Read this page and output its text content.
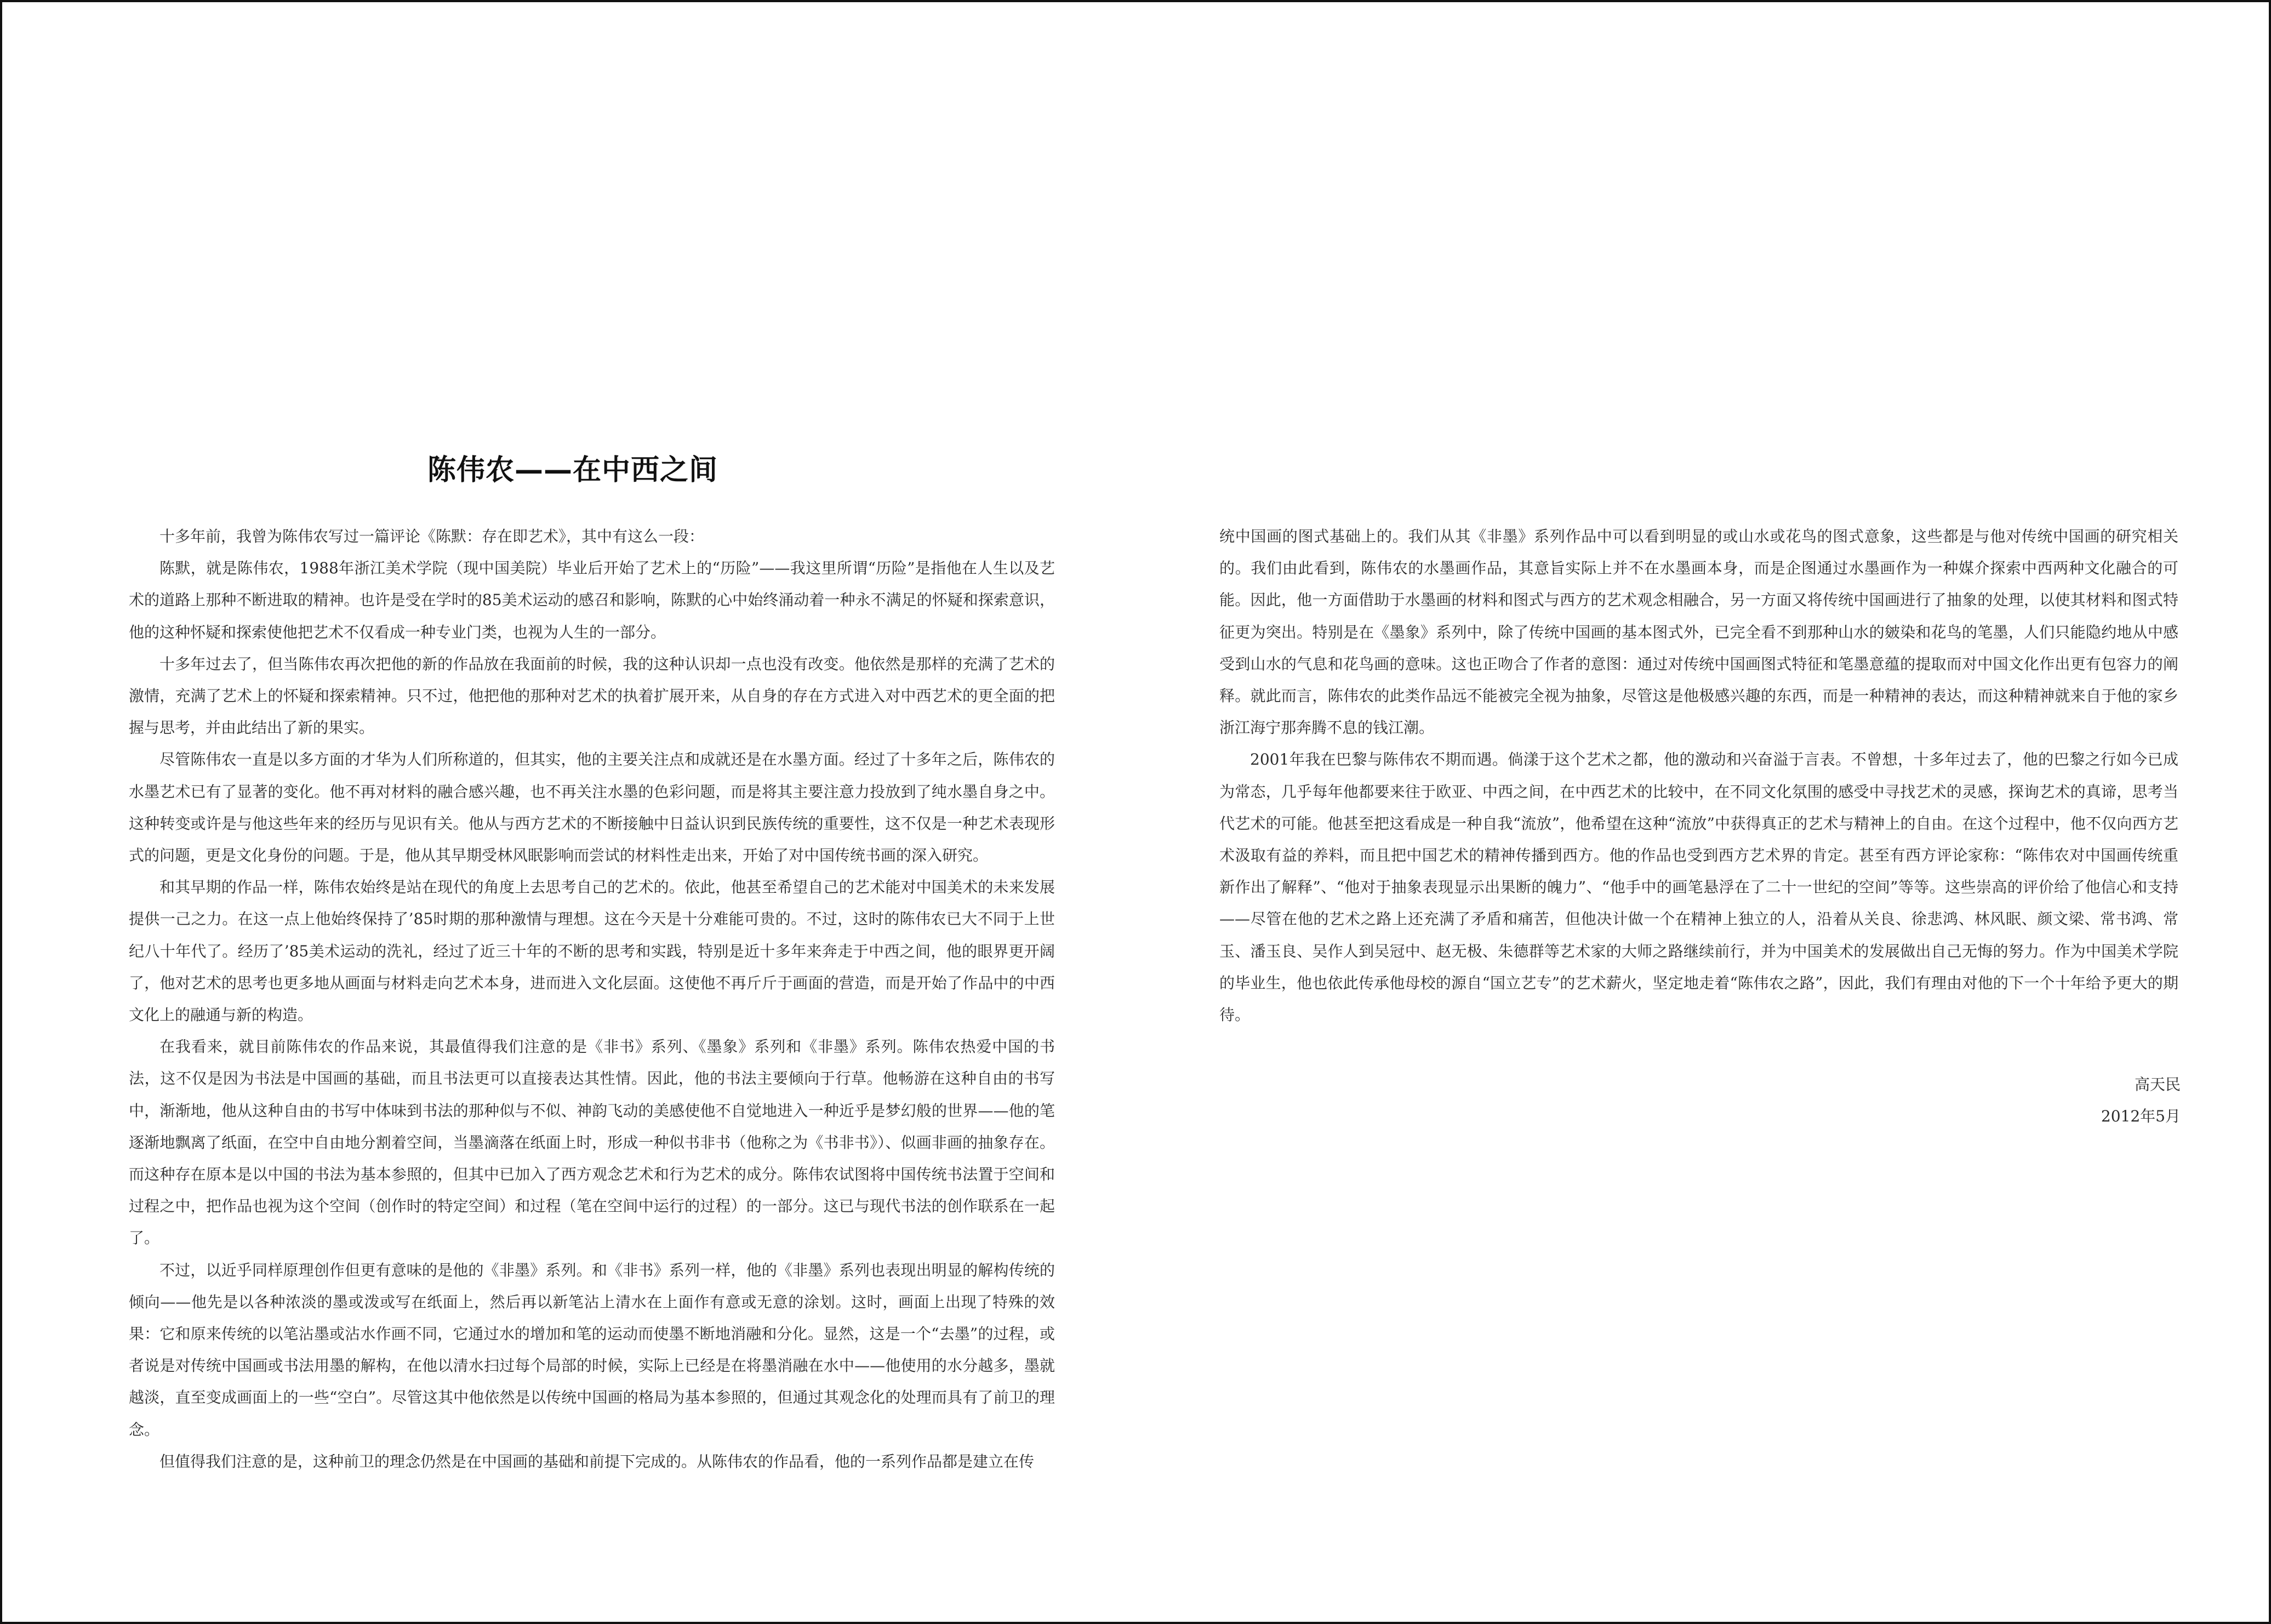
陈伟农——在中西之间

十多年前，我曾为陈伟农写过一篇评论《陈默：存在即艺术》，其中有这么一段：

陈默，就是陈伟农，1988年浙江美术学院（现中国美院）毕业后开始了艺术上的“历险”——我这里所谓“历险”是指他在人生以及艺术的道路上那种不断进取的精神。也许是受在学时的85美术运动的感召和影响，陈默的心中始终涌动着一种永不满足的怀疑和探索意识，他的这种怀疑和探索使他把艺术不仅看成一种专业门类，也视为人生的一部分。

十多年过去了，但当陈伟农再次把他的新的作品放在我面前的时候，我的这种认识却一点也没有改变。他依然是那样的充满了艺术的激情，充满了艺术上的怀疑和探索精神。只不过，他把他的那种对艺术的执着扩展开来，从自身的存在方式进入对中西艺术的更全面的把握与思考，并由此结出了新的果实。

尽管陈伟农一直是以多方面的才华为人们所称道的，但其实，他的主要关注点和成就还是在水墨方面。经过了十多年之后，陈伟农的水墨艺术已有了显著的变化。他不再对材料的融合感兴趣，也不再关注水墨的色彩问题，而是将其主要注意力投放到了纯水墨自身之中。这种转变或许是与他这些年来的经历与见识有关。他从与西方艺术的不断接触中日益认识到民族传统的重要性，这不仅是一种艺术表现形式的问题，更是文化身份的问题。于是，他从其早期受林风眠影响而尝试的材料性走出来，开始了对中国传统书画的深入研究。

和其早期的作品一样，陈伟农始终是站在现代的角度上去思考自己的艺术的。依此，他甚至希望自己的艺术能对中国美术的未来发展提供一己之力。在这一点上他始终保持了’85时期的那种激情与理想。这在今天是十分难能可贵的。不过，这时的陈伟农已大不同于上世纪八十年代了。经历了’85美术运动的洗礼，经过了近三十年的不断的思考和实践，特别是近十多年来奔走于中西之间，他的眼界更开阔了，他对艺术的思考也更多地从画面与材料走向艺术本身，进而进入文化层面。这使他不再斤斤于画面的营造，而是开始了作品中的中西文化上的融通与新的构造。

在我看来，就目前陈伟农的作品来说，其最值得我们注意的是《非书》系列、《墨象》系列和《非墨》系列。陈伟农热爱中国的书法，这不仅是因为书法是中国画的基础，而且书法更可以直接表达其性情。因此，他的书法主要倾向于行草。他畅游在这种自由的书写中，渐渐地，他从这种自由的书写中体味到书法的那种似与不似、神韵飞动的美感使他不自觉地进入一种近乎是梦幻般的世界——他的笔逐渐地飘离了纸面，在空中自由地分割着空间，当墨滴落在纸面上时，形成一种似书非书（他称之为《书非书》）、似画非画的抽象存在。而这种存在原本是以中国的书法为基本参照的，但其中已加入了西方观念艺术和行为艺术的成分。陈伟农试图将中国传统书法置于空间和过程之中，把作品也视为这个空间（创作时的特定空间）和过程（笔在空间中运行的过程）的一部分。这已与现代书法的创作联系在一起了。

不过，以近乎同样原理创作但更有意味的是他的《非墨》系列。和《非书》系列一样，他的《非墨》系列也表现出明显的解构传统的倾向——他先是以各种浓淡的墨或泼或写在纸面上，然后再以新笔沾上清水在上面作有意或无意的涂划。这时，画面上出现了特殊的效果：它和原来传统的以笔沾墨或沾水作画不同，它通过水的增加和笔的运动而使墨不断地消融和分化。显然，这是一个“去墨”的过程，或者说是对传统中国画或书法用墨的解构，在他以清水扫过每个局部的时候，实际上已经是在将墨消融在水中——他使用的水分越多，墨就越淡，直至变成画面上的一些“空白”。尽管这其中他依然是以传统中国画的格局为基本参照的，但通过其观念化的处理而具有了前卫的理念。

但值得我们注意的是，这种前卫的理念仍然是在中国画的基础和前提下完成的。从陈伟农的作品看，他的一系列作品都是建立在传

统中国画的图式基础上的。我们从其《非墨》系列作品中可以看到明显的或山水或花鸟的图式意象，这些都是与他对传统中国画的研究相关的。我们由此看到，陈伟农的水墨画作品，其意旨实际上并不在水墨画本身，而是企图通过水墨画作为一种媒介探索中西两种文化融合的可能。因此，他一方面借助于水墨画的材料和图式与西方的艺术观念相融合，另一方面又将传统中国画进行了抽象的处理，以使其材料和图式特征更为突出。特别是在《墨象》系列中，除了传统中国画的基本图式外，已完全看不到那种山水的皴染和花鸟的笔墨，人们只能隐约地从中感受到山水的气息和花鸟画的意味。这也正吻合了作者的意图：通过对传统中国画图式特征和笔墨意蕴的提取而对中国文化作出更有包容力的阐释。就此而言，陈伟农的此类作品远不能被完全视为抽象，尽管这是他极感兴趣的东西，而是一种精神的表达，而这种精神就来自于他的家乡浙江海宁那奔腾不息的钱江潮。

2001年我在巴黎与陈伟农不期而遇。倘漾于这个艺术之都，他的激动和兴奋溢于言表。不曾想，十多年过去了，他的巴黎之行如今已成为常态，几乎每年他都要来往于欧亚、中西之间，在中西艺术的比较中，在不同文化氛围的感受中寻找艺术的灵感，探询艺术的真谛，思考当代艺术的可能。他甚至把这看成是一种自我“流放”，他希望在这种“流放”中获得真正的艺术与精神上的自由。在这个过程中，他不仅向西方艺术汲取有益的养料，而且把中国艺术的精神传播到西方。他的作品也受到西方艺术界的肯定。甚至有西方评论家称：“陈伟农对中国画传统重新作出了解释”、“他对于抽象表现显示出果断的魄力”、“他手中的画笔悬浮在了二十一世纪的空间”等等。这些崇高的评价给了他信心和支持——尽管在他的艺术之路上还充满了矛盾和痛苦，但他决计做一个在精神上独立的人，沿着从关良、徐悲鸿、林风眠、颜文梁、常书鸿、常玉、潘玉良、吴作人到吴冠中、赵无极、朱德群等艺术家的大师之路继续前行，并为中国美术的发展做出自己无悔的努力。作为中国美术学院的毕业生，他也依此传承他母校的源自“国立艺专”的艺术薪火，坚定地走着“陈伟农之路”，因此，我们有理由对他的下一个十年给予更大的期待。

高天民
2012年5月
